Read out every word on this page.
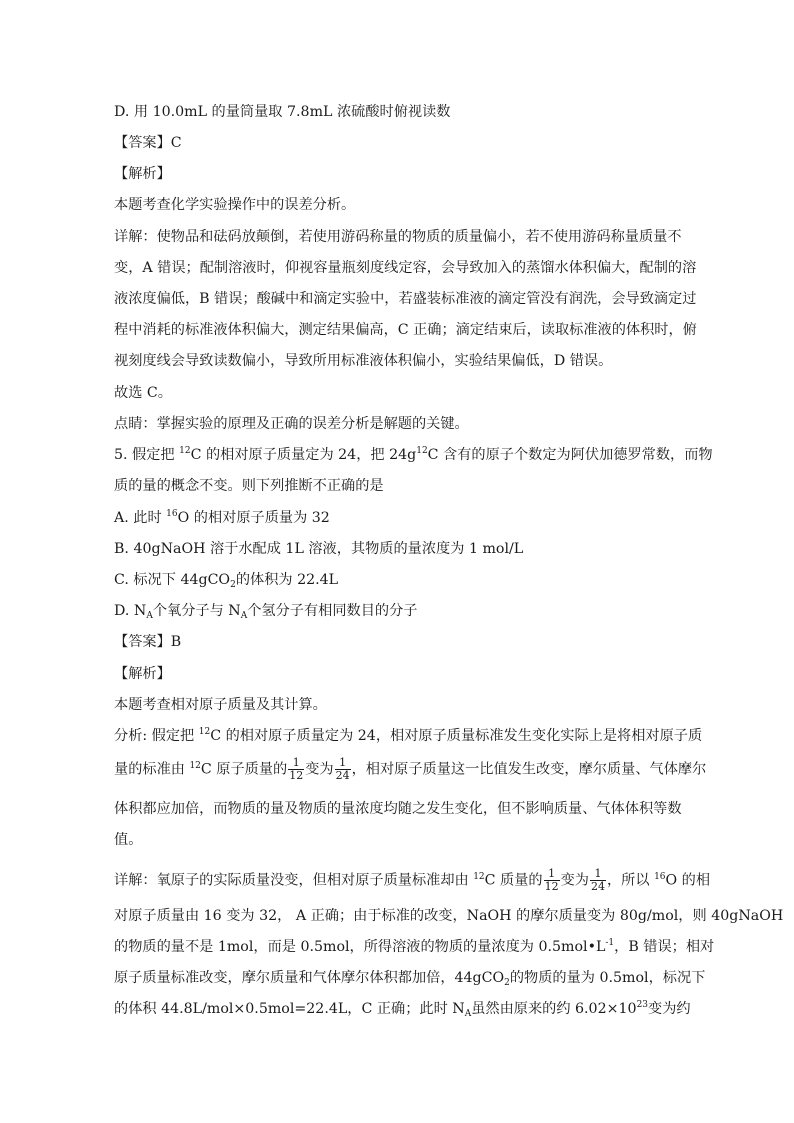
D. 用 10.0mL 的量筒量取 7.8mL 浓硫酸时俯视读数
【答案】C
【解析】
本题考查化学实验操作中的误差分析。
详解：使物品和砝码放颠倒，若使用游码称量的物质的质量偏小，若不使用游码称量质量不
变，A 错误；配制溶液时，仰视容量瓶刻度线定容，会导致加入的蒸馏水体积偏大，配制的溶
液浓度偏低，B 错误；酸碱中和滴定实验中，若盛装标准液的滴定管没有润洗，会导致滴定过
程中消耗的标准液体积偏大，测定结果偏高，C 正确；滴定结束后，读取标准液的体积时，俯
视刻度线会导致读数偏小，导致所用标准液体积偏小，实验结果偏低，D 错误。
故选 C。
点睛：掌握实验的原理及正确的误差分析是解题的关键。
5. 假定把 $^{12}$C 的相对原子质量定为 24，把 $24g^{12}C$ 含有的原子个数定为阿伏加德罗常数，而物
质的量的概念不变。则下列推断不正确的是
A. 此时 $^{16}$O 的相对原子质量为 32
B. 40gNaOH 溶于水配成 1L 溶液，其物质的量浓度为 1 mol/L
C. 标况下 44gCO$_2$的体积为 22.4L
D. $N_A$个氧分子与 $N_A$个氢分子有相同数目的分子
【答案】B
【解析】
本题考查相对原子质量及其计算。
分析: 假定把 $^{12}$C 的相对原子质量定为 24，相对原子质量标准发生变化实际上是将相对原子质
量的标准由 $^{12}$C 原子质量的 $\frac{1}{12}$ 变为 $\frac{1}{24}$ ，相对原子质量这一比值发生改变，摩尔质量、气体摩尔
体积都应加倍，而物质的量及物质的量浓度均随之发生变化，但不影响质量、气体体积等数
值。
详解：氧原子的实际质量没变，但相对原子质量标准却由 $^{12}$C 质量的 $\frac{1}{12}$ 变为 $\frac{1}{24}$ ，所以 $^{16}$O 的相
对原子质量由 16 变为 32， A 正确；由于标准的改变，NaOH 的摩尔质量变为 80g/mol，则 40gNaOH
的物质的量不是 1mol，而是 0.5mol，所得溶液的物质的量浓度为 $0.5mol•L^{-1}$，B 错误；相对
原子质量标准改变，摩尔质量和气体摩尔体积都加倍，44gCO$_2$的物质的量为 0.5mol，标况下
的体积 44.8L/mol×0.5mol=22.4L，C 正确；此时 $N_A$虽然由原来的约 $6.02\times 10^{23}$变为约
